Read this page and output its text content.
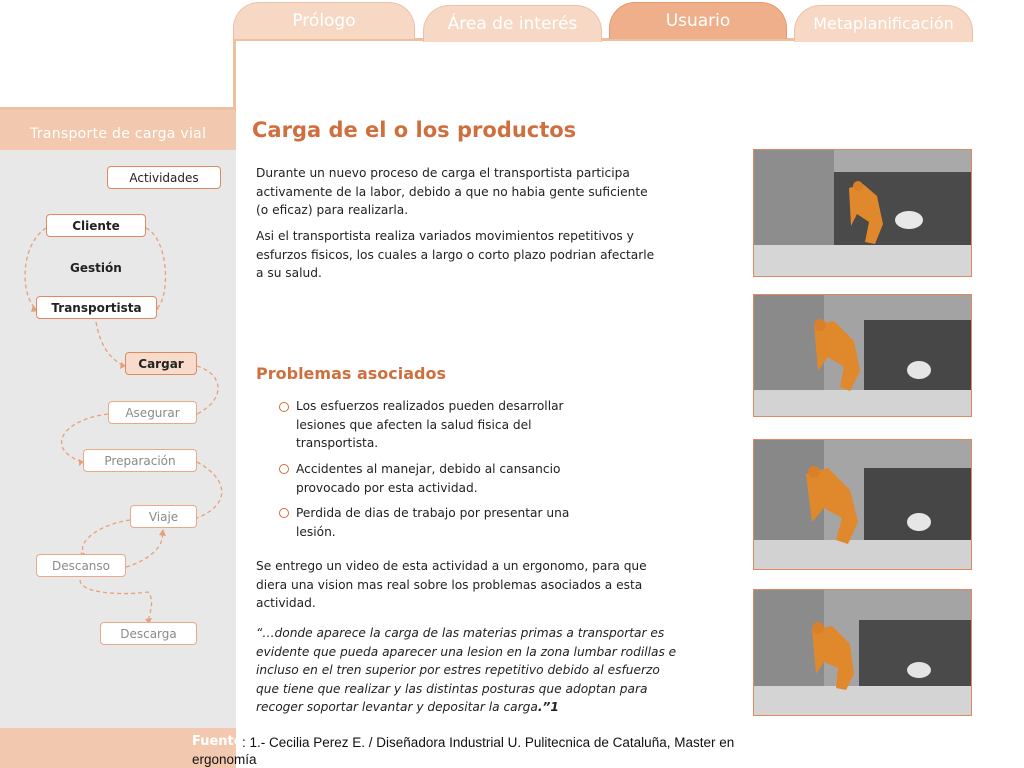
Transporte de carga vial
Prólogo	Área de interés	Usuario	Metaplanificación
Actividades
Cliente
Gestión
Transportista
Cargar
Asegurar
Preparación
Viaje
Descanso
Descarga
Carga de el o los productos
Durante un nuevo proceso de carga el transportista participa activamente de la labor, debido a que no habia gente suficiente (o eficaz) para realizarla.
Asi el transportista realiza variados movimientos repetitivos y esfurzos fisicos, los cuales a largo o corto plazo podrian afectarle a su salud.
Problemas asociados
Los esfuerzos realizados pueden desarrollar lesiones que afecten la salud fisica del transportista.
Accidentes al manejar, debido al cansancio provocado por esta actividad.
Perdida de dias de trabajo por presentar una lesión.
Se entrego un video de esta actividad a un ergonomo, para que diera una vision mas real sobre los problemas asociados a esta actividad.
“…donde aparece la carga de las materias primas a transportar es evidente que pueda aparecer una lesion en la zona lumbar rodillas e incluso en el tren superior por estres repetitivo debido al esfuerzo que tiene que realizar y las distintas posturas que adoptan para recoger soportar levantar y depositar la carga.”1
Fuente : 1.- Cecilia Perez E. / Diseñadora Industrial U. Pulitecnica de Cataluña, Master en ergonomía
